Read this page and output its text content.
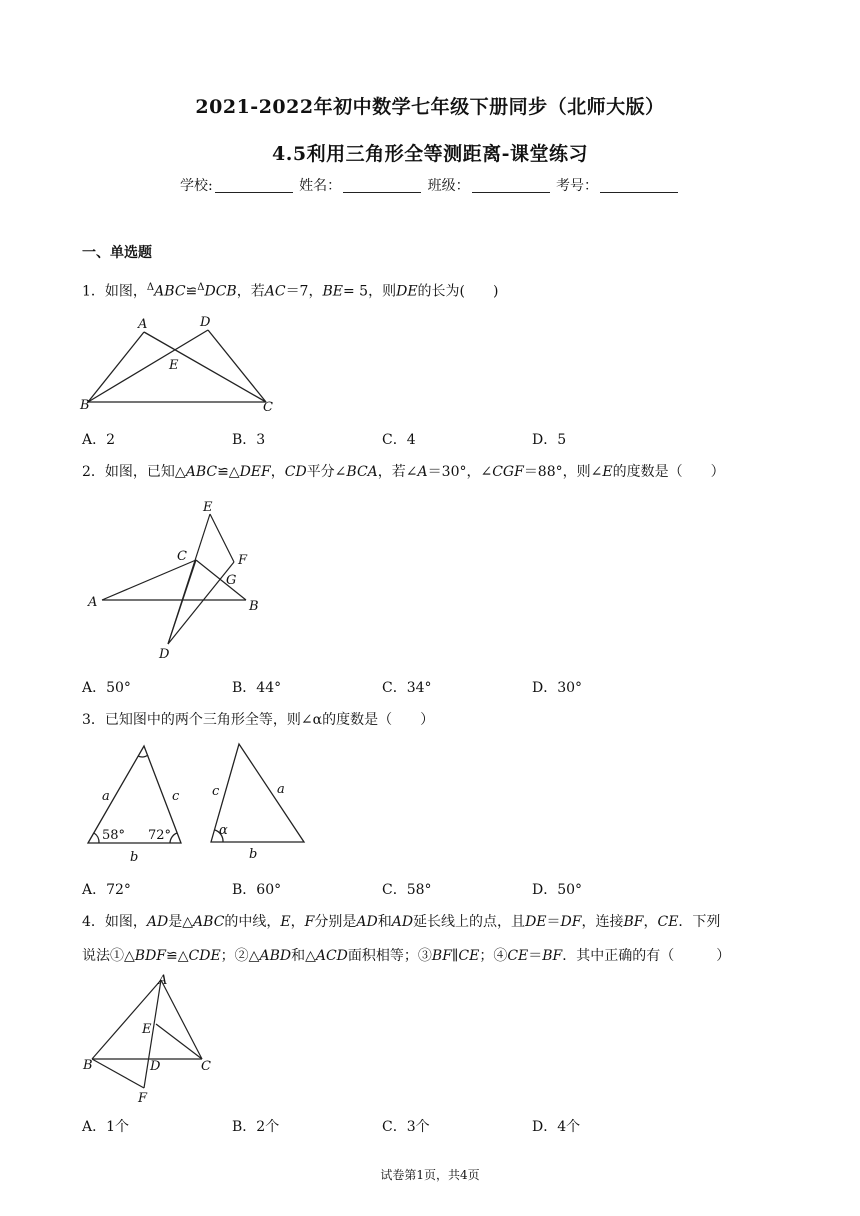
2021-2022年初中数学七年级下册同步（北师大版）
4.5利用三角形全等测距离-课堂练习
学校:	姓名：	班级：	考号：
一、单选题
1．如图，$^\Delta$ABC≌$^\Delta$DCB，若AC＝7，BE= 5，则DE的长为(　　)
A	D
E
B	C
A．2	B．3	C．4	D．5
2．如图，已知△ABC≌△DEF，CD平分∠BCA，若∠A＝30°，∠CGF＝88°，则∠E的度数是（　　）
E
C	F
G
A	B
D
A．50°	B．44°	C．34°	D．30°
3．已知图中的两个三角形全等，则∠α的度数是（　　）
a	c
58° 72°
b
c	a
α
b
A．72°	B．60°	C．58°	D．50°
4．如图，AD是△ABC的中线，E，F分别是AD和AD延长线上的点，且DE＝DF，连接BF，CE．下列
说法①△BDF≌△CDE；②△ABD和△ACD面积相等；③BF∥CE；④CE＝BF．其中正确的有（　　　）
A
E
B	D	C
F
A．1个	B．2个	C．3个	D．4个
试卷第1页，共4页
